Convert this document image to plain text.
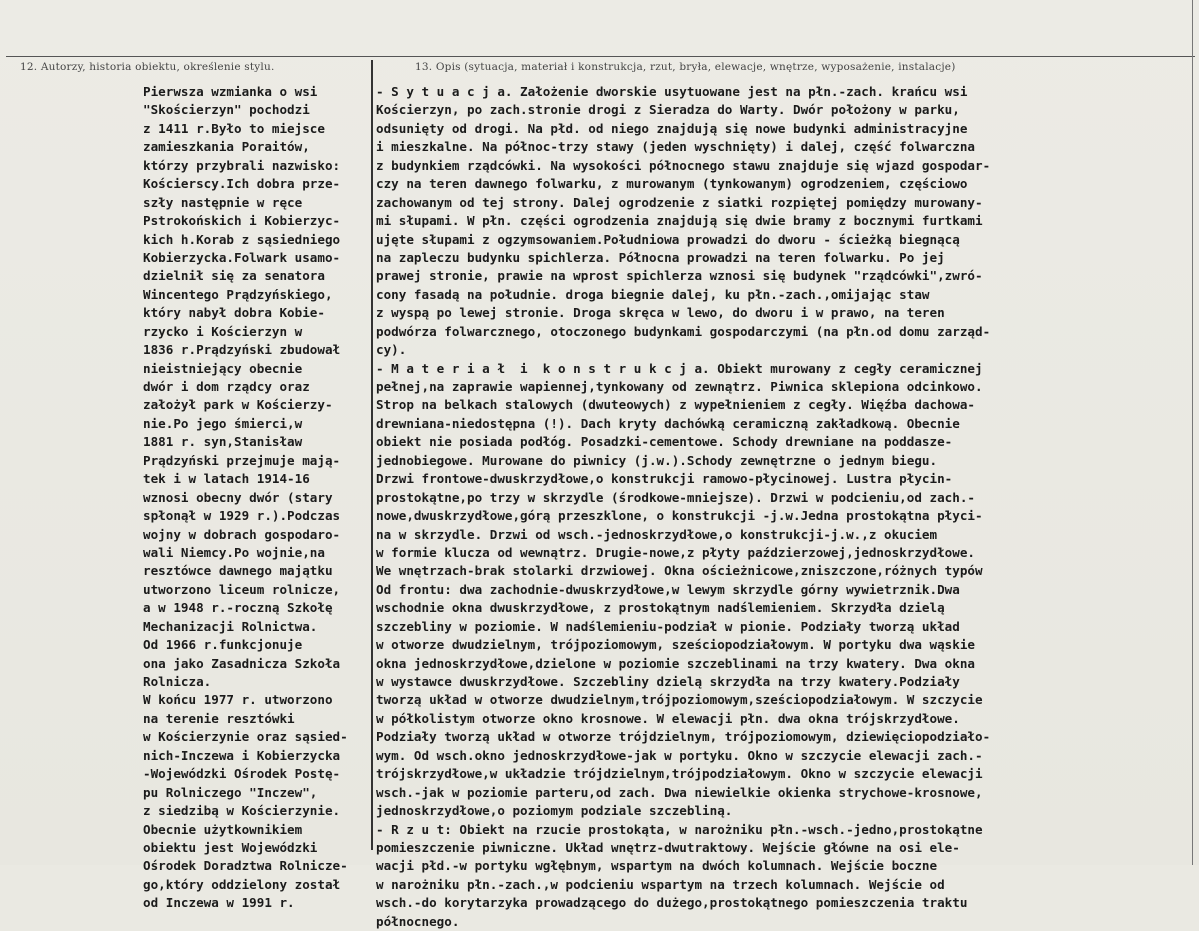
12. Autorzy, historia obiektu, określenie stylu.	13. Opis (sytuacja, materiał i konstrukcja, rzut, bryła, elewacje, wnętrze, wyposażenie, instalacje)
Pierwsza wzmianka o wsi
"Skościerzyn" pochodzi
z 1411 r.Było to miejsce
zamieszkania Poraitów,
którzy przybrali nazwisko:
Kościerscy.Ich dobra prze-
szły następnie w ręce
Pstrokońskich i Kobierzyc-
kich h.Korab z sąsiedniego
Kobierzycka.Folwark usamo-
dzielnił się za senatora
Wincentego Prądzyńskiego,
który nabył dobra Kobie-
rzycko i Kościerzyn w
1836 r.Prądzyński zbudował
nieistniejący obecnie
dwór i dom rządcy oraz
założył park w Kościerzy-
nie.Po jego śmierci,w
1881 r. syn,Stanisław
Prądzyński przejmuje mają-
tek i w latach 1914-16
wznosi obecny dwór (stary
spłonął w 1929 r.).Podczas
wojny w dobrach gospodaro-
wali Niemcy.Po wojnie,na
resztówce dawnego majątku
utworzono liceum rolnicze,
a w 1948 r.-roczną Szkołę
Mechanizacji Rolnictwa.
Od 1966 r.funkcjonuje
ona jako Zasadnicza Szkoła
Rolnicza.
W końcu 1977 r. utworzono
na terenie resztówki
w Kościerzynie oraz sąsied-
nich-Inczewa i Kobierzycka
-Wojewódzki Ośrodek Postę-
pu Rolniczego "Inczew",
z siedzibą w Kościerzynie.
Obecnie użytkownikiem
obiektu jest Wojewódzki
Ośrodek Doradztwa Rolnicze-
go,który oddzielony został
od Inczewa w 1991 r.
- S y t u a c j a. Założenie dworskie usytuowane jest na płn.-zach. krańcu wsi
Kościerzyn, po zach.stronie drogi z Sieradza do Warty. Dwór położony w parku,
odsunięty od drogi. Na płd. od niego znajdują się nowe budynki administracyjne
i mieszkalne. Na północ-trzy stawy (jeden wyschnięty) i dalej, część folwarczna
z budynkiem rządcówki. Na wysokości północnego stawu znajduje się wjazd gospodar-
czy na teren dawnego folwarku, z murowanym (tynkowanym) ogrodzeniem, częściowo
zachowanym od tej strony. Dalej ogrodzenie z siatki rozpiętej pomiędzy murowany-
mi słupami. W płn. części ogrodzenia znajdują się dwie bramy z bocznymi furtkami
ujęte słupami z ogzymsowaniem.Południowa prowadzi do dworu - ścieżką biegnącą
na zapleczu budynku spichlerza. Północna prowadzi na teren folwarku. Po jej
prawej stronie, prawie na wprost spichlerza wznosi się budynek "rządcówki",zwró-
cony fasadą na południe. droga biegnie dalej, ku płn.-zach.,omijając staw
z wyspą po lewej stronie. Droga skręca w lewo, do dworu i w prawo, na teren
podwórza folwarcznego, otoczonego budynkami gospodarczymi (na płn.od domu zarząd-
cy).
- M a t e r i a ł  i  k o n s t r u k c j a. Obiekt murowany z cegły ceramicznej
pełnej,na zaprawie wapiennej,tynkowany od zewnątrz. Piwnica sklepiona odcinkowo.
Strop na belkach stalowych (dwuteowych) z wypełnieniem z cegły. Więźba dachowa-
drewniana-niedostępna (!). Dach kryty dachówką ceramiczną zakładkową. Obecnie
obiekt nie posiada podłóg. Posadzki-cementowe. Schody drewniane na poddasze-
jednobiegowe. Murowane do piwnicy (j.w.).Schody zewnętrzne o jednym biegu.
Drzwi frontowe-dwuskrzydłowe,o konstrukcji ramowo-płycinowej. Lustra płycin-
prostokątne,po trzy w skrzydle (środkowe-mniejsze). Drzwi w podcieniu,od zach.-
nowe,dwuskrzydłowe,górą przeszklone, o konstrukcji -j.w.Jedna prostokątna płyci-
na w skrzydle. Drzwi od wsch.-jednoskrzydłowe,o konstrukcji-j.w.,z okuciem
w formie klucza od wewnątrz. Drugie-nowe,z płyty paździerzowej,jednoskrzydłowe.
We wnętrzach-brak stolarki drzwiowej. Okna ościeżnicowe,zniszczone,różnych typów
Od frontu: dwa zachodnie-dwuskrzydłowe,w lewym skrzydle górny wywietrznik.Dwa
wschodnie okna dwuskrzydłowe, z prostokątnym nadślemieniem. Skrzydła dzielą
szczebliny w poziomie. W nadślemieniu-podział w pionie. Podziały tworzą układ
w otworze dwudzielnym, trójpoziomowym, sześciopodziałowym. W portyku dwa wąskie
okna jednoskrzydłowe,dzielone w poziomie szczeblinami na trzy kwatery. Dwa okna
w wystawce dwuskrzydłowe. Szczebliny dzielą skrzydła na trzy kwatery.Podziały
tworzą układ w otworze dwudzielnym,trójpoziomowym,sześciopodziałowym. W szczycie
w półkolistym otworze okno krosnowe. W elewacji płn. dwa okna trójskrzydłowe.
Podziały tworzą układ w otworze trójdzielnym, trójpoziomowym, dziewięciopodziało-
wym. Od wsch.okno jednoskrzydłowe-jak w portyku. Okno w szczycie elewacji zach.-
trójskrzydłowe,w układzie trójdzielnym,trójpodziałowym. Okno w szczycie elewacji
wsch.-jak w poziomie parteru,od zach. Dwa niewielkie okienka strychowe-krosnowe,
jednoskrzydłowe,o poziomym podziale szczebliną.
- R z u t: Obiekt na rzucie prostokąta, w narożniku płn.-wsch.-jedno,prostokątne
pomieszczenie piwniczne. Układ wnętrz-dwutraktowy. Wejście główne na osi ele-
wacji płd.-w portyku wgłębnym, wspartym na dwóch kolumnach. Wejście boczne
w narożniku płn.-zach.,w podcieniu wspartym na trzech kolumnach. Wejście od
wsch.-do korytarzyka prowadzącego do dużego,prostokątnego pomieszczenia traktu
północnego.
